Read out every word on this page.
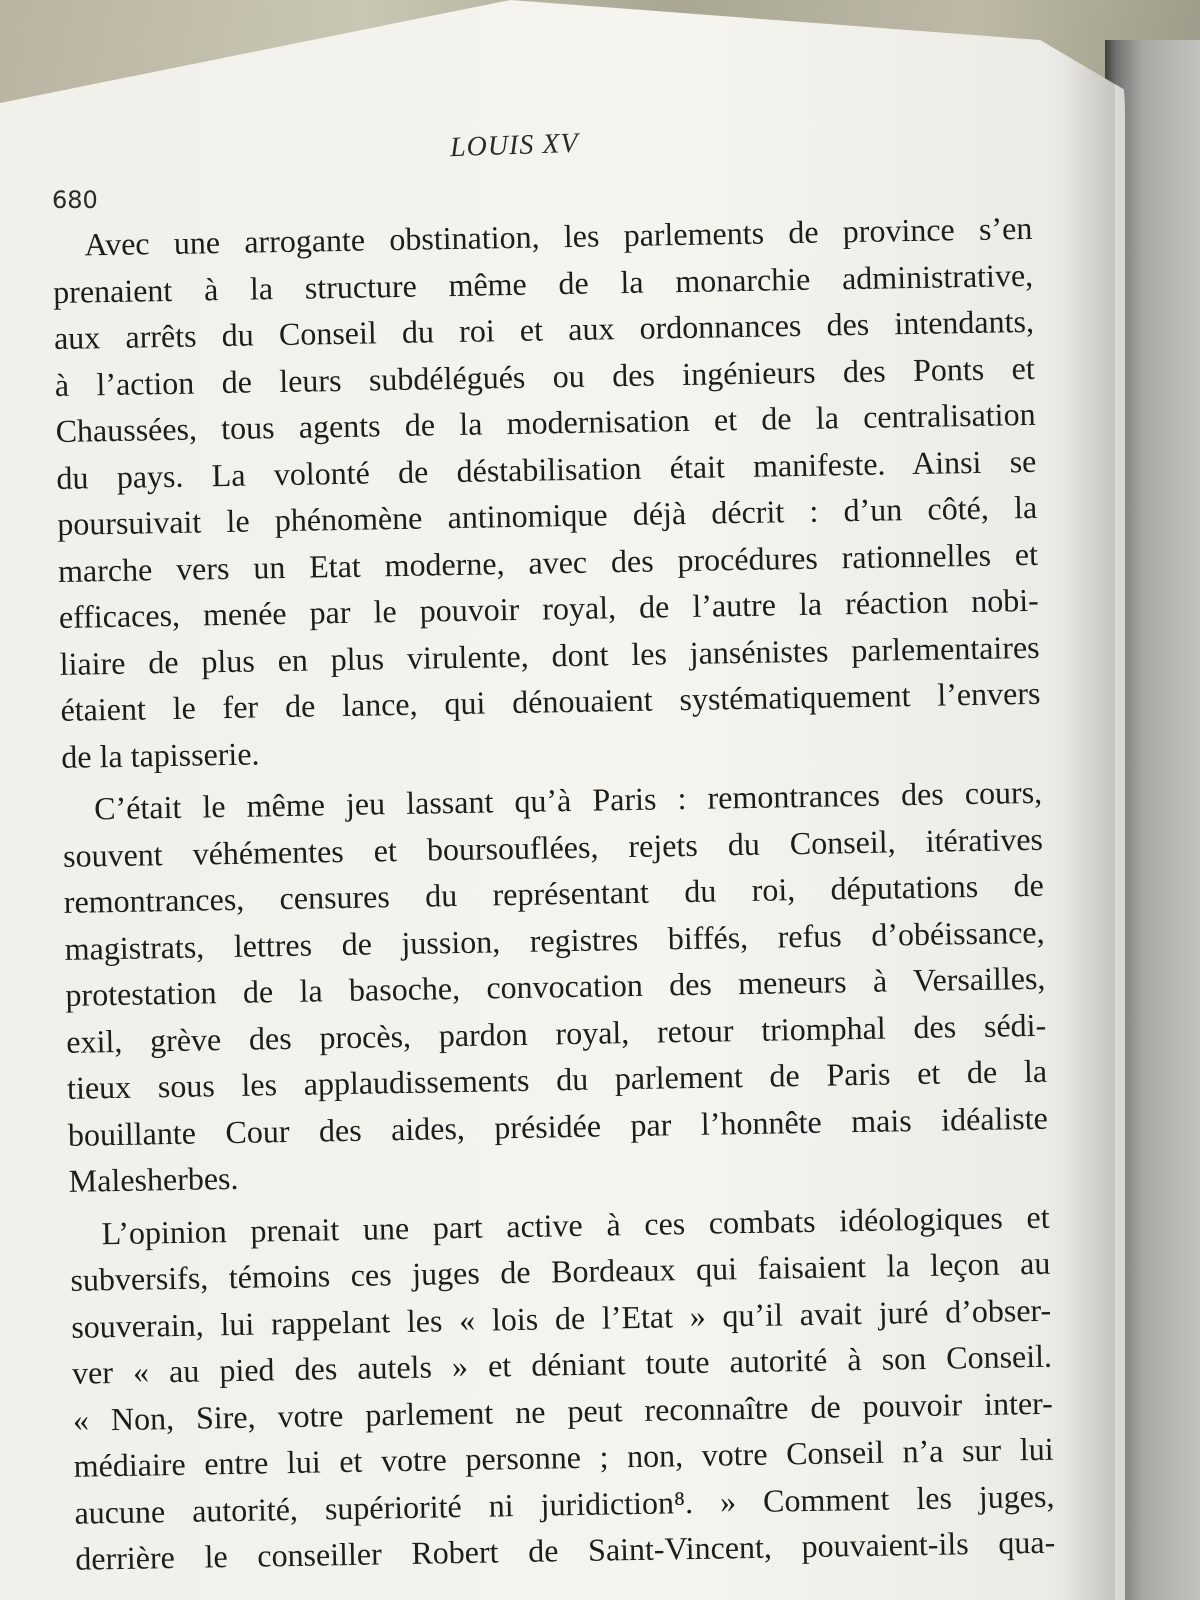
LOUIS XV
680
Avec une arrogante obstination, les parlements de province s’en
prenaient à la structure même de la monarchie administrative,
aux arrêts du Conseil du roi et aux ordonnances des intendants,
à l’action de leurs subdélégués ou des ingénieurs des Ponts et
Chaussées, tous agents de la modernisation et de la centralisation
du pays. La volonté de déstabilisation était manifeste. Ainsi se
poursuivait le phénomène antinomique déjà décrit : d’un côté, la
marche vers un Etat moderne, avec des procédures rationnelles et
efficaces, menée par le pouvoir royal, de l’autre la réaction nobi-
liaire de plus en plus virulente, dont les jansénistes parlementaires
étaient le fer de lance, qui dénouaient systématiquement l’envers
de la tapisserie.
C’était le même jeu lassant qu’à Paris : remontrances des cours,
souvent véhémentes et boursouflées, rejets du Conseil, itératives
remontrances, censures du représentant du roi, députations de
magistrats, lettres de jussion, registres biffés, refus d’obéissance,
protestation de la basoche, convocation des meneurs à Versailles,
exil, grève des procès, pardon royal, retour triomphal des sédi-
tieux sous les applaudissements du parlement de Paris et de la
bouillante Cour des aides, présidée par l’honnête mais idéaliste
Malesherbes.
L’opinion prenait une part active à ces combats idéologiques et
subversifs, témoins ces juges de Bordeaux qui faisaient la leçon au
souverain, lui rappelant les « lois de l’Etat » qu’il avait juré d’obser-
ver « au pied des autels » et déniant toute autorité à son Conseil.
« Non, Sire, votre parlement ne peut reconnaître de pouvoir inter-
médiaire entre lui et votre personne ; non, votre Conseil n’a sur lui
aucune autorité, supériorité ni juridiction⁸. » Comment les juges,
derrière le conseiller Robert de Saint-Vincent, pouvaient-ils qua-
